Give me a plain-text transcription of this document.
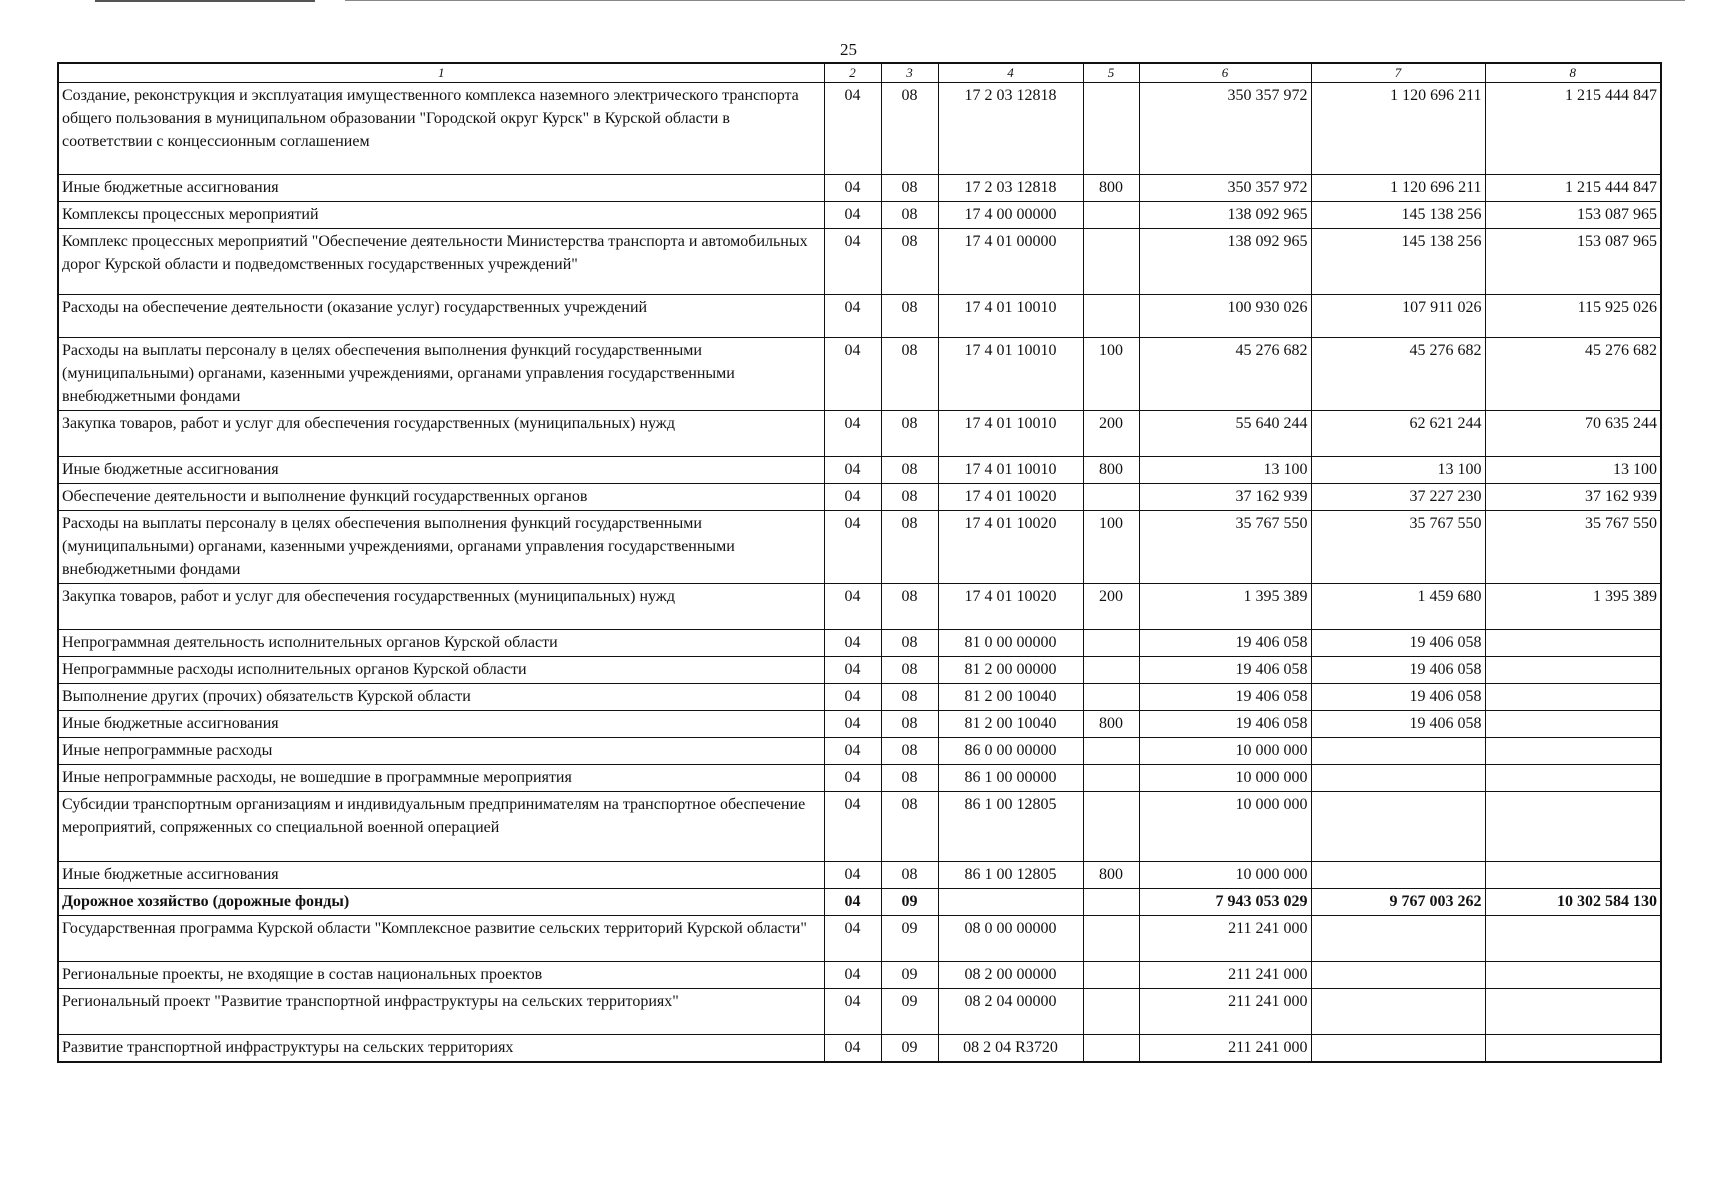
25
1	2	3	4	5	6	7	8
Создание, реконструкция и эксплуатация имущественного комплекса наземного электрического транспорта общего пользования в муниципальном образовании "Городской округ Курск" в Курской области в соответствии с концессионным соглашением	04	08	17 2 03 12818		350 357 972	1 120 696 211	1 215 444 847
Иные бюджетные ассигнования	04	08	17 2 03 12818	800	350 357 972	1 120 696 211	1 215 444 847
Комплексы процессных мероприятий	04	08	17 4 00 00000		138 092 965	145 138 256	153 087 965
Комплекс процессных мероприятий "Обеспечение деятельности Министерства транспорта и автомобильных дорог Курской области и подведомственных государственных учреждений"	04	08	17 4 01 00000		138 092 965	145 138 256	153 087 965
Расходы на обеспечение деятельности (оказание услуг) государственных учреждений	04	08	17 4 01 10010		100 930 026	107 911 026	115 925 026
Расходы на выплаты персоналу в целях обеспечения выполнения функций государственными (муниципальными) органами, казенными учреждениями, органами управления государственными внебюджетными фондами	04	08	17 4 01 10010	100	45 276 682	45 276 682	45 276 682
Закупка товаров, работ и услуг для обеспечения государственных (муниципальных) нужд	04	08	17 4 01 10010	200	55 640 244	62 621 244	70 635 244
Иные бюджетные ассигнования	04	08	17 4 01 10010	800	13 100	13 100	13 100
Обеспечение деятельности и выполнение функций государственных органов	04	08	17 4 01 10020		37 162 939	37 227 230	37 162 939
Расходы на выплаты персоналу в целях обеспечения выполнения функций государственными (муниципальными) органами, казенными учреждениями, органами управления государственными внебюджетными фондами	04	08	17 4 01 10020	100	35 767 550	35 767 550	35 767 550
Закупка товаров, работ и услуг для обеспечения государственных (муниципальных) нужд	04	08	17 4 01 10020	200	1 395 389	1 459 680	1 395 389
Непрограммная деятельность исполнительных органов Курской области	04	08	81 0 00 00000		19 406 058	19 406 058	
Непрограммные расходы исполнительных органов Курской области	04	08	81 2 00 00000		19 406 058	19 406 058	
Выполнение других (прочих) обязательств Курской области	04	08	81 2 00 10040		19 406 058	19 406 058	
Иные бюджетные ассигнования	04	08	81 2 00 10040	800	19 406 058	19 406 058	
Иные непрограммные расходы	04	08	86 0 00 00000		10 000 000		
Иные непрограммные расходы, не вошедшие в программные мероприятия	04	08	86 1 00 00000		10 000 000		
Субсидии транспортным организациям и индивидуальным предпринимателям на транспортное обеспечение мероприятий, сопряженных со специальной военной операцией	04	08	86 1 00 12805		10 000 000		
Иные бюджетные ассигнования	04	08	86 1 00 12805	800	10 000 000		
Дорожное хозяйство (дорожные фонды)	04	09			7 943 053 029	9 767 003 262	10 302 584 130
Государственная программа Курской области "Комплексное развитие сельских территорий Курской области"	04	09	08 0 00 00000		211 241 000		
Региональные проекты, не входящие в состав национальных проектов	04	09	08 2 00 00000		211 241 000		
Региональный проект "Развитие транспортной инфраструктуры на сельских территориях"	04	09	08 2 04 00000		211 241 000		
Развитие транспортной инфраструктуры на сельских территориях	04	09	08 2 04 R3720		211 241 000		
